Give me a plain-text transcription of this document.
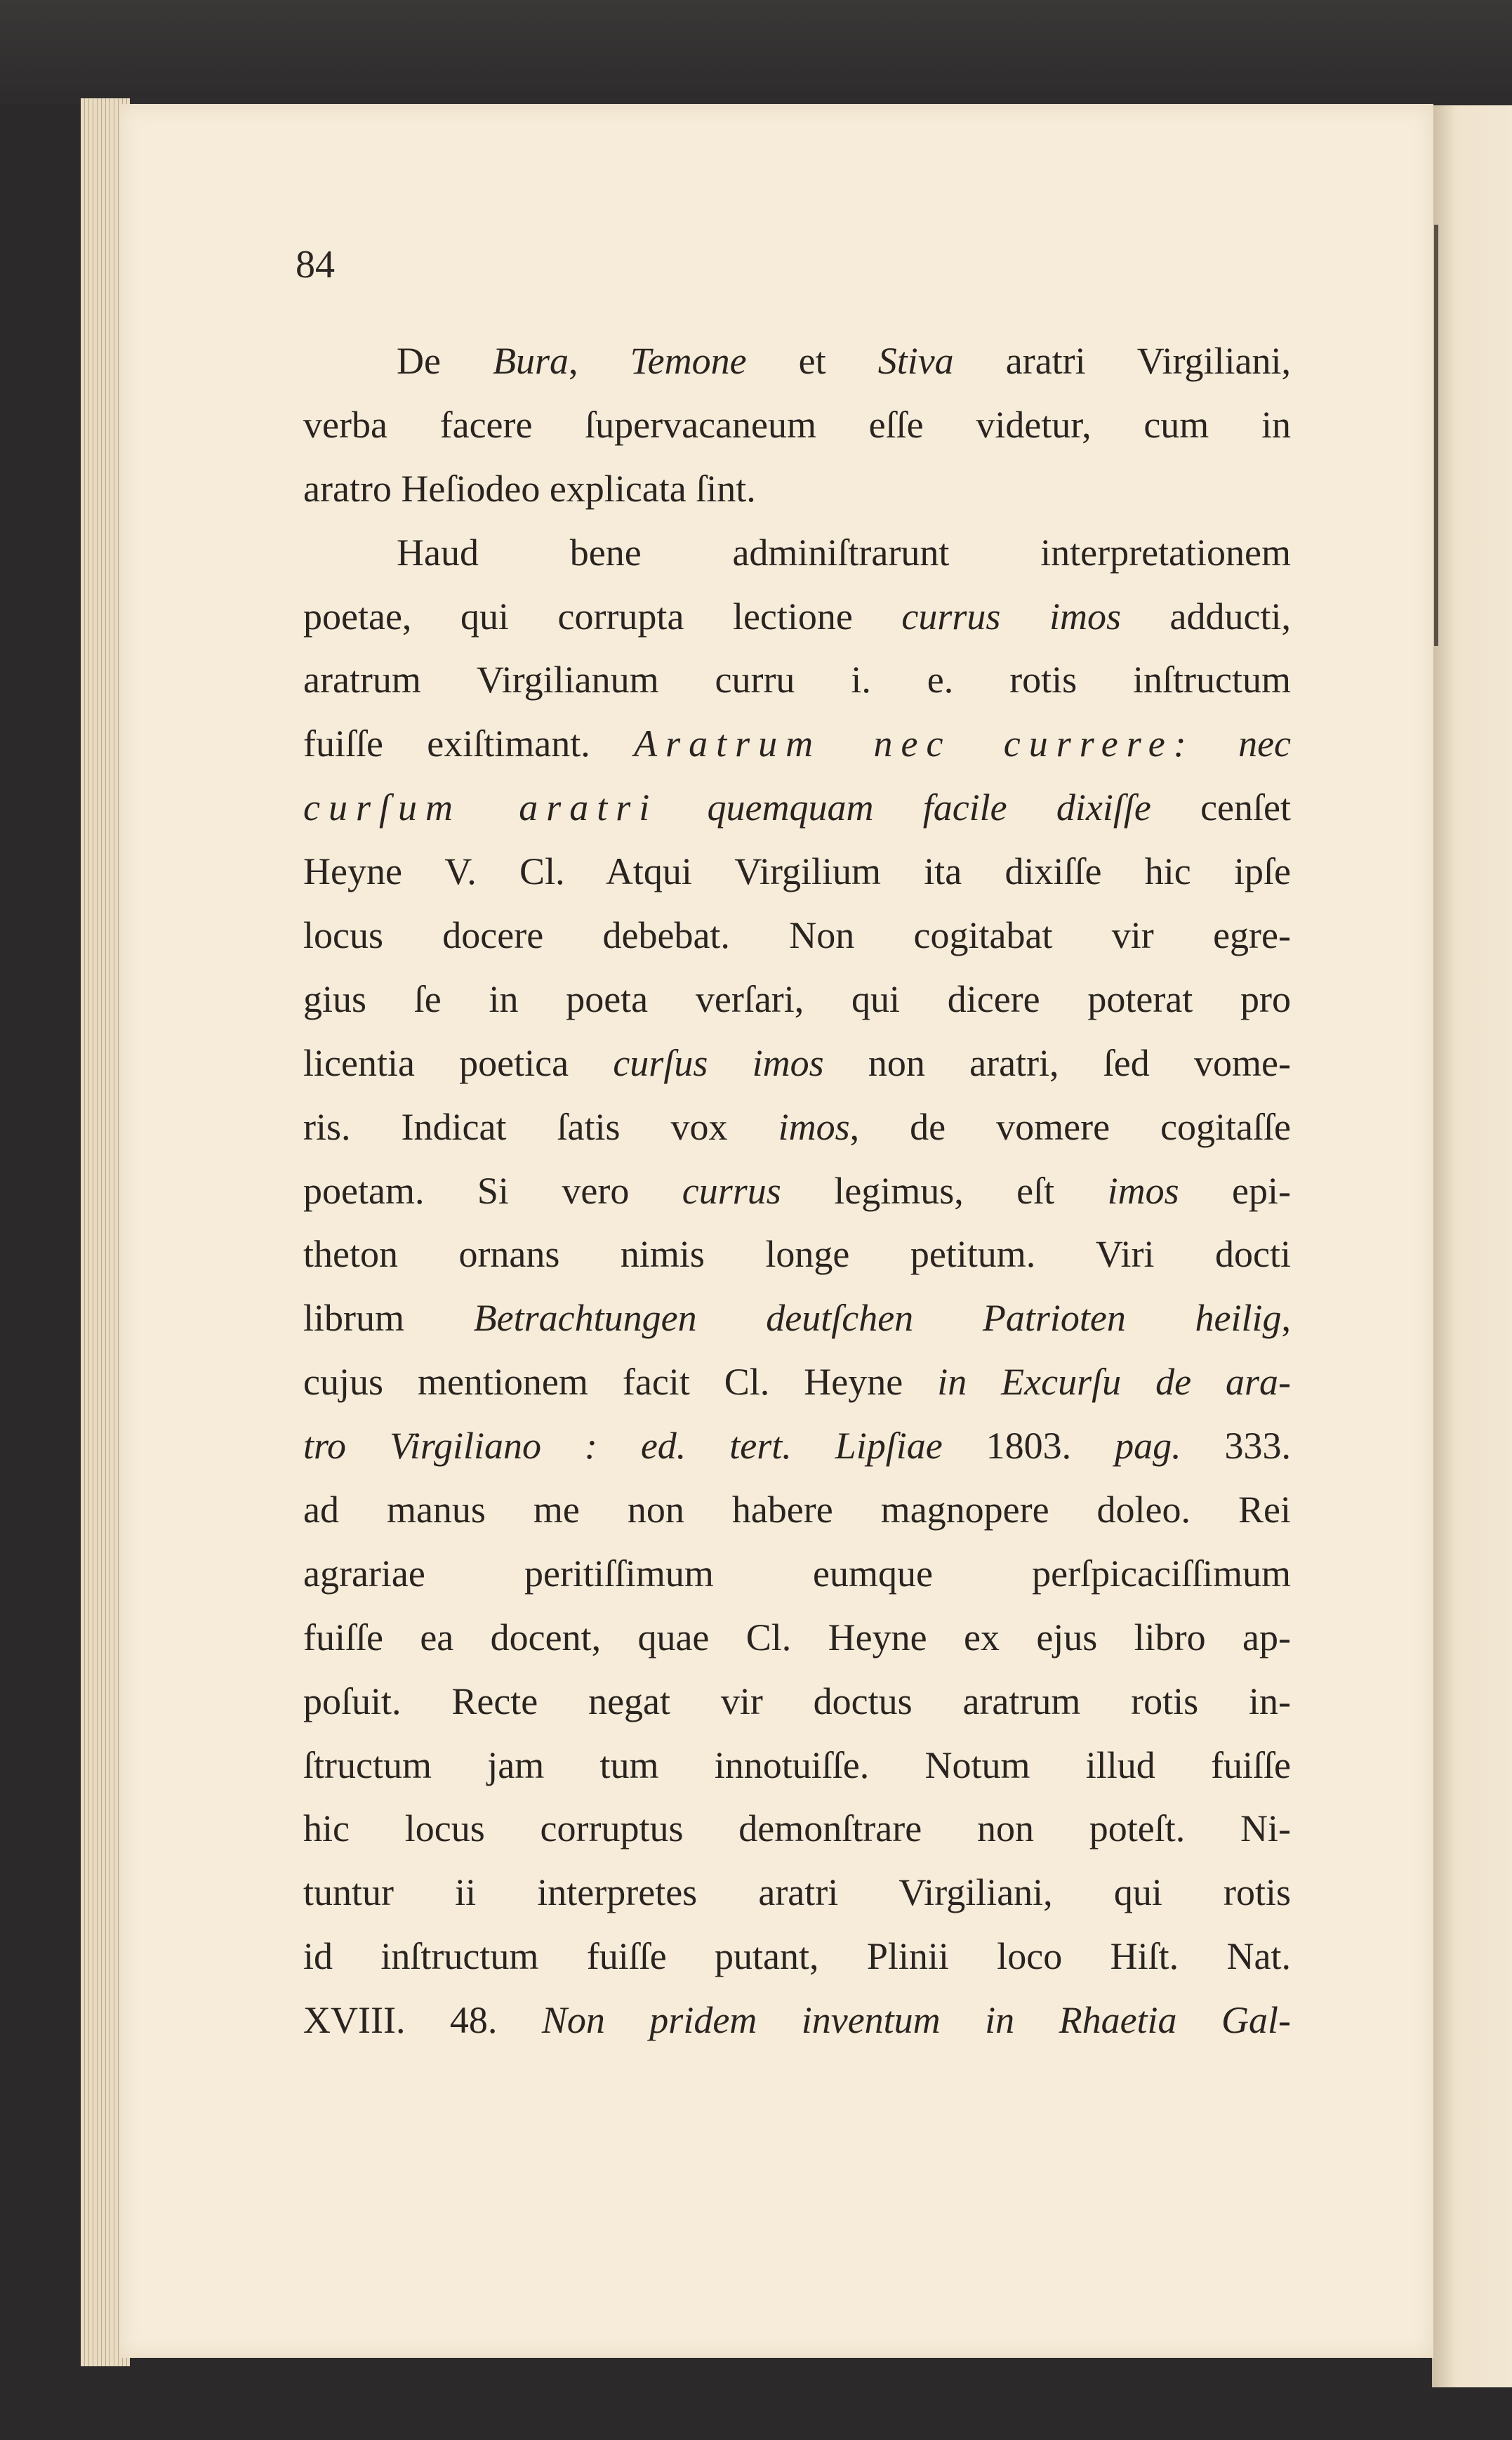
84
De Bura, Temone et Stiva aratri Virgiliani,
verba facere ſupervacaneum eſſe videtur, cum in
aratro Heſiodeo explicata ſint.
Haud bene adminiſtrarunt interpretationem
poetae, qui corrupta lectione currus imos adducti,
aratrum Virgilianum curru i. e. rotis inſtructum
fuiſſe exiſtimant. Aratrum nec currere: nec
curſum aratri quemquam facile dixiſſe cenſet
Heyne V. Cl. Atqui Virgilium ita dixiſſe hic ipſe
locus docere debebat. Non cogitabat vir egre-
gius ſe in poeta verſari, qui dicere poterat pro
licentia poetica curſus imos non aratri, ſed vome-
ris. Indicat ſatis vox imos, de vomere cogitaſſe
poetam. Si vero currus legimus, eſt imos epi-
theton ornans nimis longe petitum. Viri docti
librum Betrachtungen deutſchen Patrioten heilig,
cujus mentionem facit Cl. Heyne in Excurſu de ara-
tro Virgiliano : ed. tert. Lipſiae 1803. pag. 333.
ad manus me non habere magnopere doleo. Rei
agrariae peritiſſimum eumque perſpicaciſſimum
fuiſſe ea docent, quae Cl. Heyne ex ejus libro ap-
poſuit. Recte negat vir doctus aratrum rotis in-
ſtructum jam tum innotuiſſe. Notum illud fuiſſe
hic locus corruptus demonſtrare non poteſt. Ni-
tuntur ii interpretes aratri Virgiliani, qui rotis
id inſtructum fuiſſe putant, Plinii loco Hiſt. Nat.
XVIII. 48. Non pridem inventum in Rhaetia Gal-
